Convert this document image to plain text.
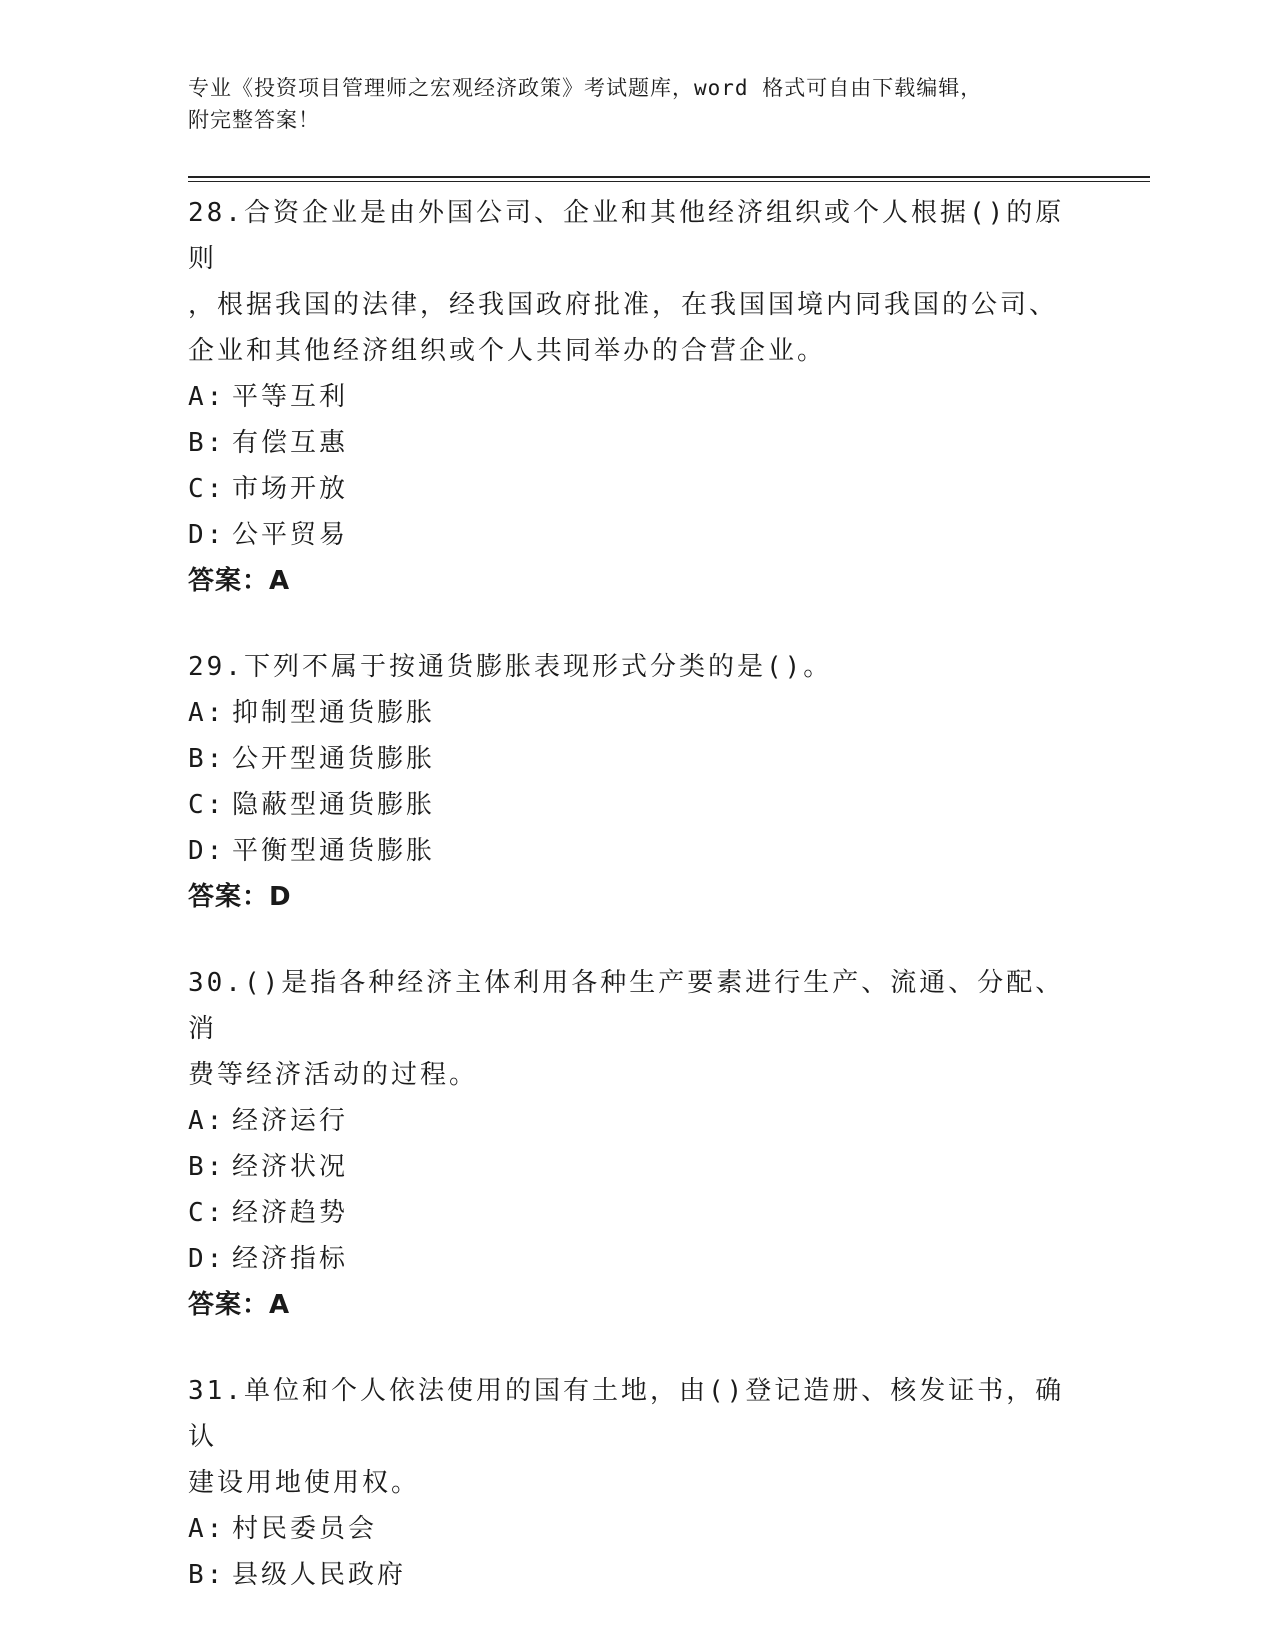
专业《投资项目管理师之宏观经济政策》考试题库，word 格式可自由下载编辑，
附完整答案！

28.合资企业是由外国公司、企业和其他经济组织或个人根据()的原则

，根据我国的法律，经我国政府批准，在我国国境内同我国的公司、

企业和其他经济组织或个人共同举办的合营企业。

A: 平等互利
B: 有偿互惠
C: 市场开放
D: 公平贸易

答案：A

29.下列不属于按通货膨胀表现形式分类的是()。

A: 抑制型通货膨胀
B: 公开型通货膨胀
C: 隐蔽型通货膨胀
D: 平衡型通货膨胀

答案：D

30.()是指各种经济主体利用各种生产要素进行生产、流通、分配、消

费等经济活动的过程。

A: 经济运行
B: 经济状况
C: 经济趋势
D: 经济指标

答案：A

31.单位和个人依法使用的国有土地，由()登记造册、核发证书，确认

建设用地使用权。

A: 村民委员会
B: 县级人民政府
